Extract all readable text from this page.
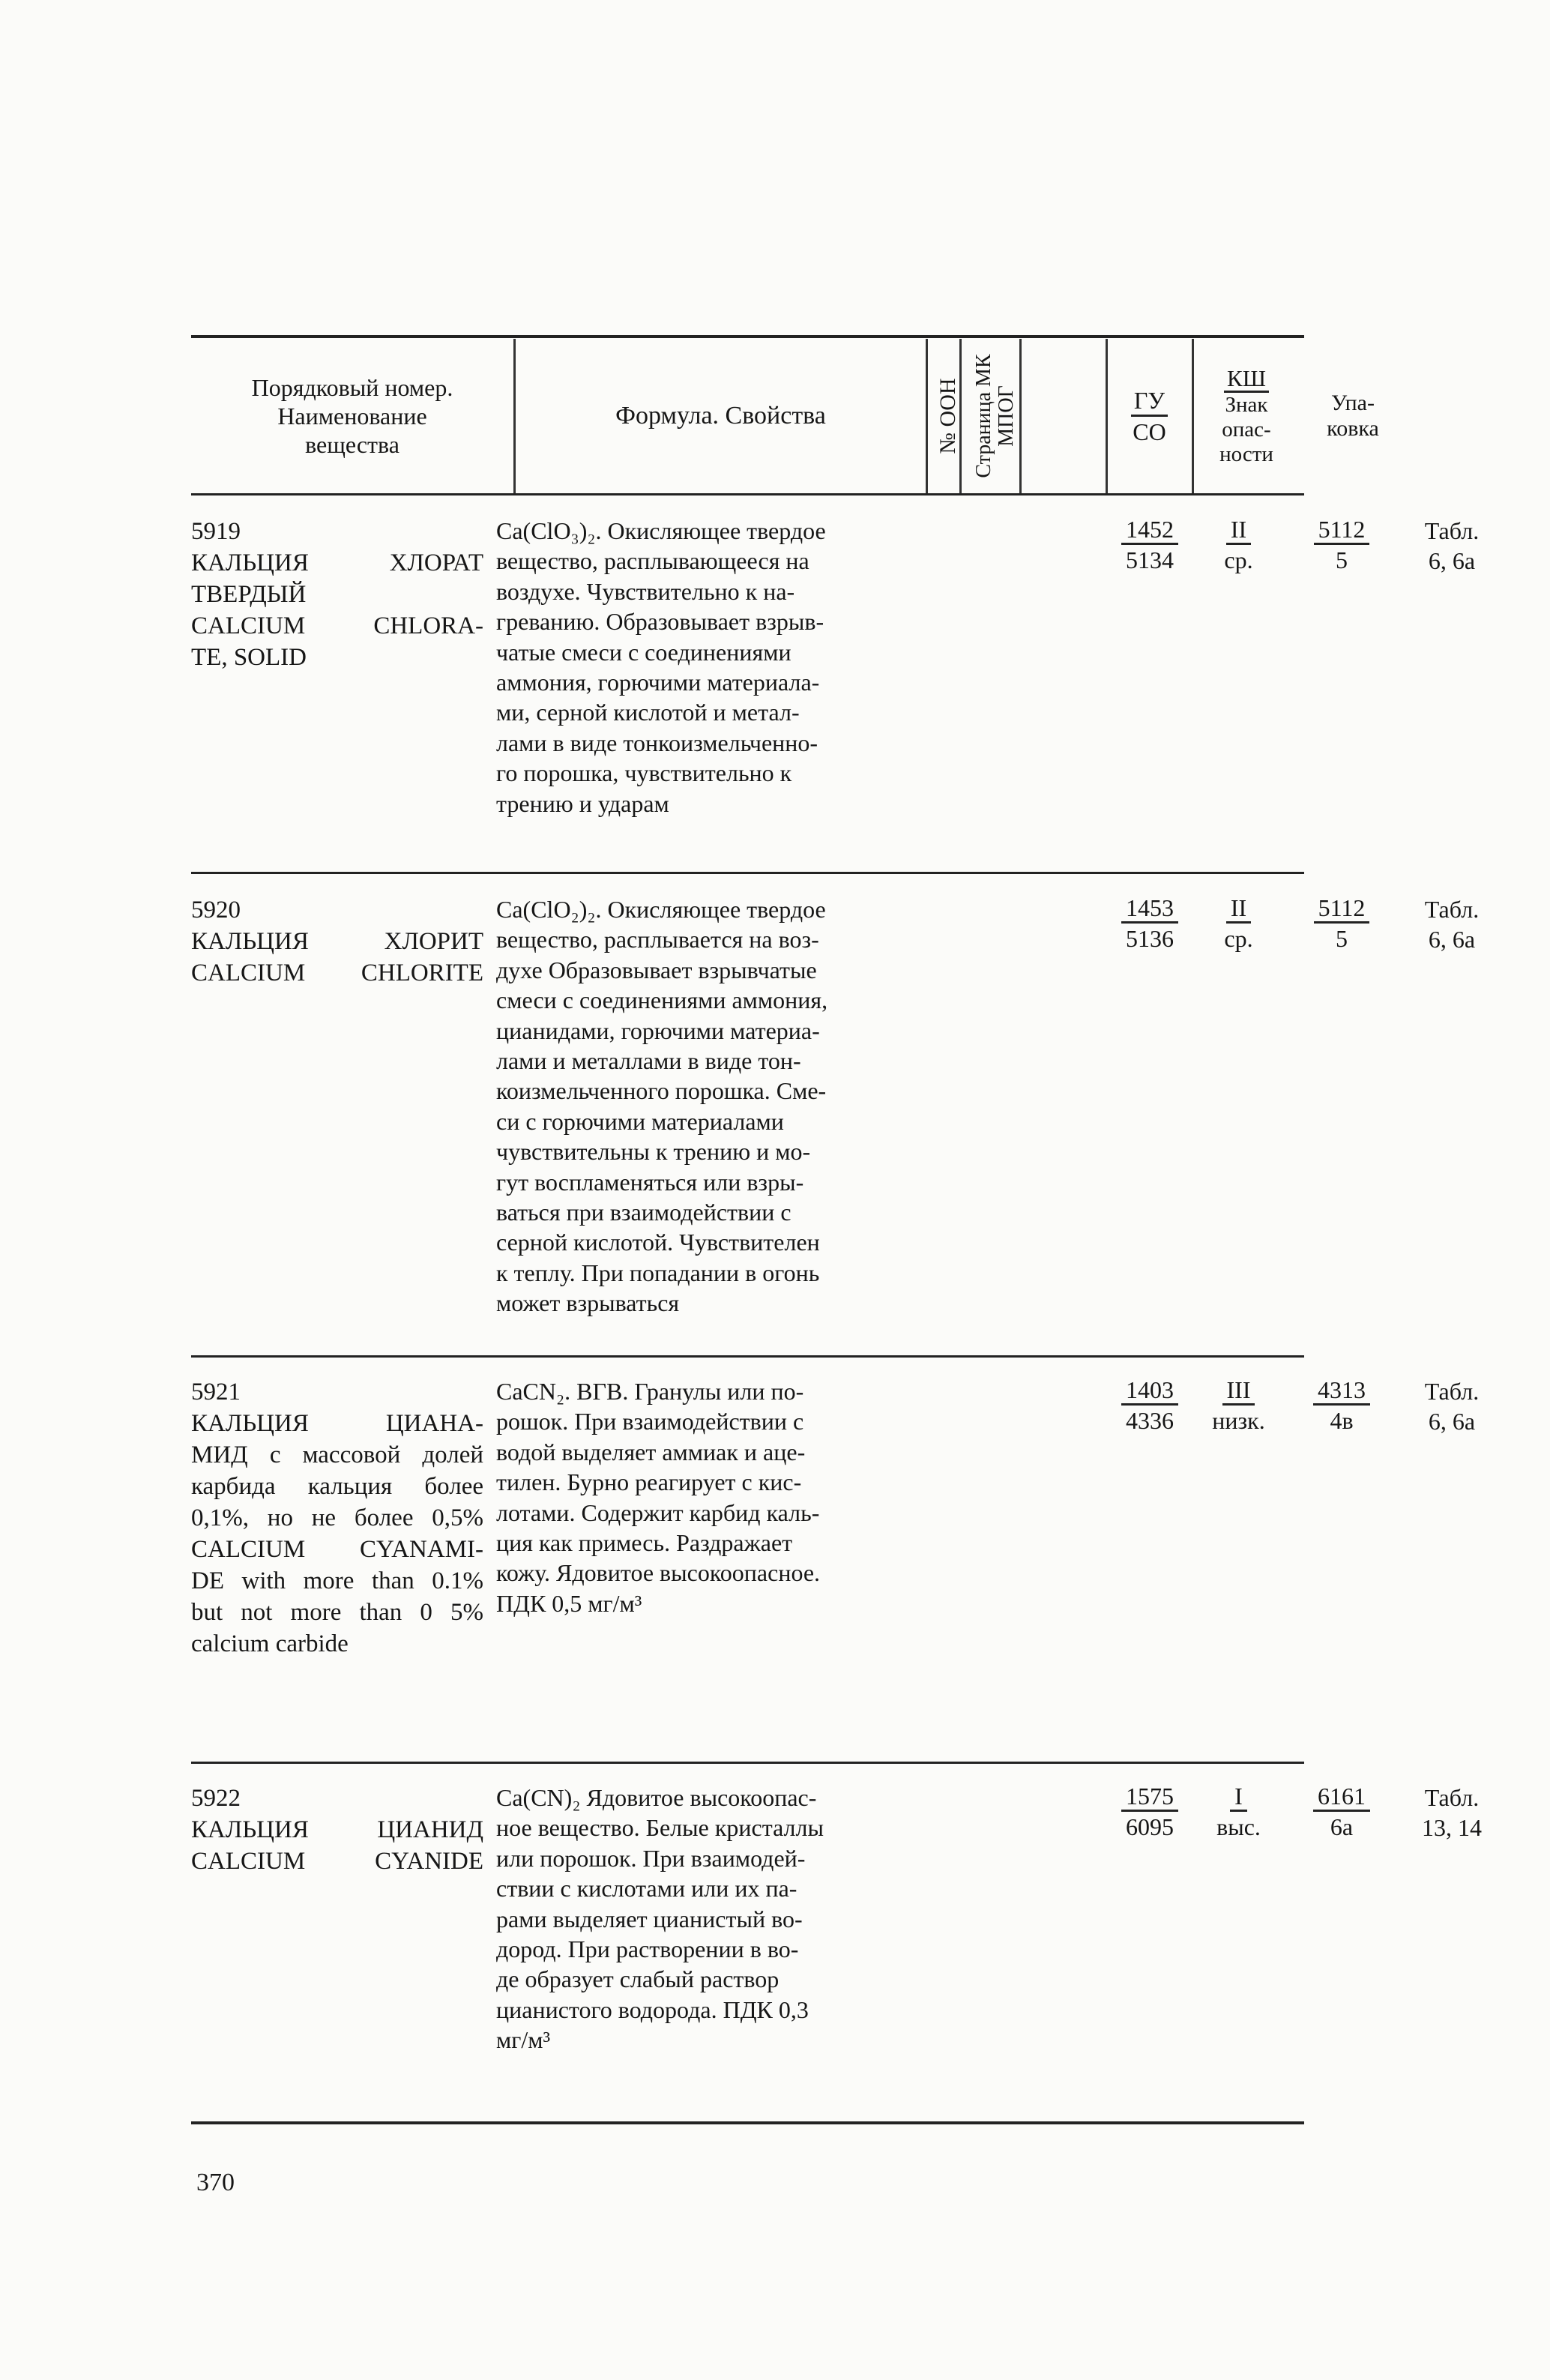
Порядковый номер.
Наименование
вещества
Формула. Свойства	№ ООН Страница МК МПОГ	$\frac{ГУ}{СО}$
КШ
Знак
опас-
ности
Упа-
ковка
5919
КАЛЬЦИЯ ХЛОРАТ
ТВЕРДЫЙ
CALCIUM CHLORA-
TE, SOLID
Ca(ClO₃)₂. Окисляющее твердое
вещество, расплывающееся на
воздухе. Чувствительно к на-
греванию. Образовывает взрыв-
чатые смеси с соединениями
аммония, горючими материала-
ми, серной кислотой и метал-
лами в виде тонкоизмельченно-
го порошка, чувствительно к
трению и ударам
1452
5134
II
ср.
5112
5
Табл.
6, 6а
5920
КАЛЬЦИЯ ХЛОРИТ
CALCIUM CHLORITE
Ca(ClO₂)₂. Окисляющее твердое
вещество, расплывается на воз-
духе Образовывает взрывчатые
смеси с соединениями аммония,
цианидами, горючими материа-
лами и металлами в виде тон-
коизмельченного порошка. Сме-
си с горючими материалами
чувствительны к трению и мо-
гут воспламеняться или взры-
ваться при взаимодействии с
серной кислотой. Чувствителен
к теплу. При попадании в огонь
может взрываться
1453
5136
II
ср.
5112
5
Табл.
6, 6а
5921
КАЛЬЦИЯ ЦИАНА-
МИД с массовой долей
карбида кальция более
0,1%, но не более 0,5%
CALCIUM CYANAMI-
DE with more than 0.1%
but not more than 0 5%
calcium carbide
CaCN₂. ВГВ. Гранулы или по-
рошок. При взаимодействии с
водой выделяет аммиак и аце-
тилен. Бурно реагирует с кис-
лотами. Содержит карбид каль-
ция как примесь. Раздражает
кожу. Ядовитое высокоопасное.
ПДК 0,5 мг/м³
1403
4336
III
низк.
4313
4в
Табл.
6, 6а
5922
КАЛЬЦИЯ ЦИАНИД
CALCIUM CYANIDE
Ca(CN)₂ Ядовитое высокоопас-
ное вещество. Белые кристаллы
или порошок. При взаимодей-
ствии с кислотами или их па-
рами выделяет цианистый во-
дород. При растворении в во-
де образует слабый раствор
цианистого водорода. ПДК 0,3
мг/м³
1575
6095
I
выс.
6161
6а
Табл.
13, 14
370
